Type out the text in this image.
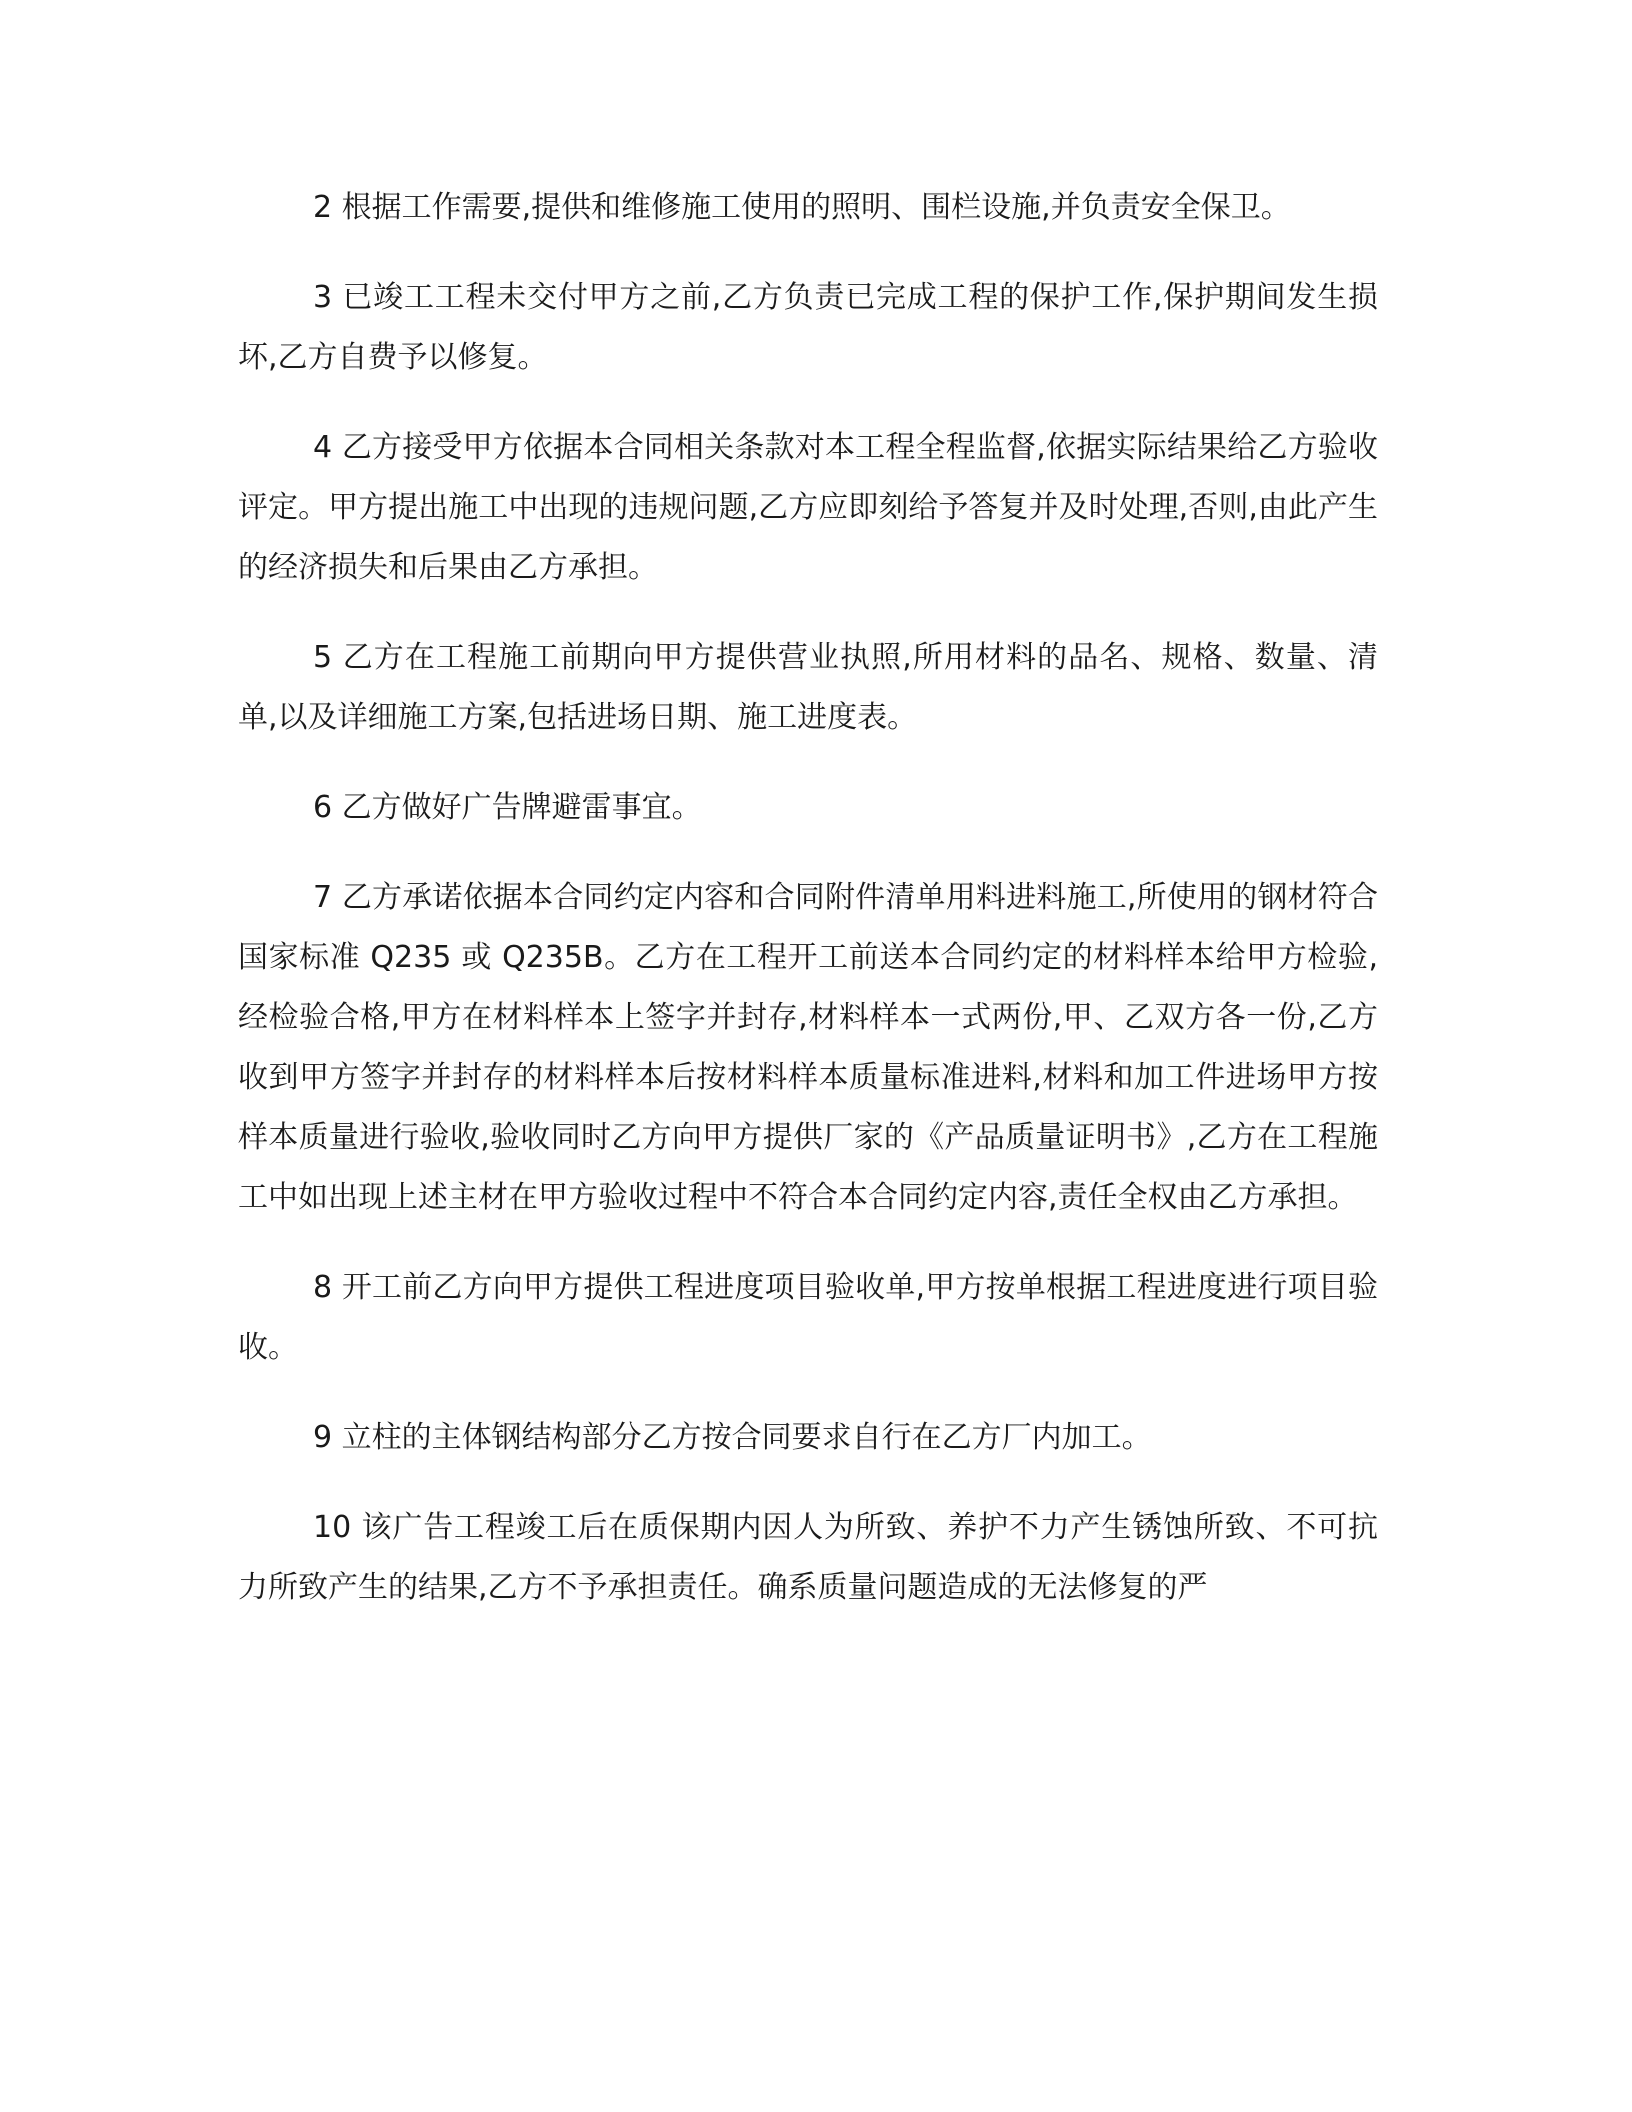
2 根据工作需要,提供和维修施工使用的照明、围栏设施,并负责安全保卫。

3 已竣工工程未交付甲方之前,乙方负责已完成工程的保护工作,保护期间发生损坏,乙方自费予以修复。

4 乙方接受甲方依据本合同相关条款对本工程全程监督,依据实际结果给乙方验收评定。甲方提出施工中出现的违规问题,乙方应即刻给予答复并及时处理,否则,由此产生的经济损失和后果由乙方承担。

5 乙方在工程施工前期向甲方提供营业执照,所用材料的品名、规格、数量、清单,以及详细施工方案,包括进场日期、施工进度表。

6 乙方做好广告牌避雷事宜。

7 乙方承诺依据本合同约定内容和合同附件清单用料进料施工,所使用的钢材符合国家标准 Q235 或 Q235B。乙方在工程开工前送本合同约定的材料样本给甲方检验,经检验合格,甲方在材料样本上签字并封存,材料样本一式两份,甲、乙双方各一份,乙方收到甲方签字并封存的材料样本后按材料样本质量标准进料,材料和加工件进场甲方按样本质量进行验收,验收同时乙方向甲方提供厂家的《产品质量证明书》,乙方在工程施工中如出现上述主材在甲方验收过程中不符合本合同约定内容,责任全权由乙方承担。

8 开工前乙方向甲方提供工程进度项目验收单,甲方按单根据工程进度进行项目验收。

9 立柱的主体钢结构部分乙方按合同要求自行在乙方厂内加工。

10 该广告工程竣工后在质保期内因人为所致、养护不力产生锈蚀所致、不可抗力所致产生的结果,乙方不予承担责任。确系质量问题造成的无法修复的严
